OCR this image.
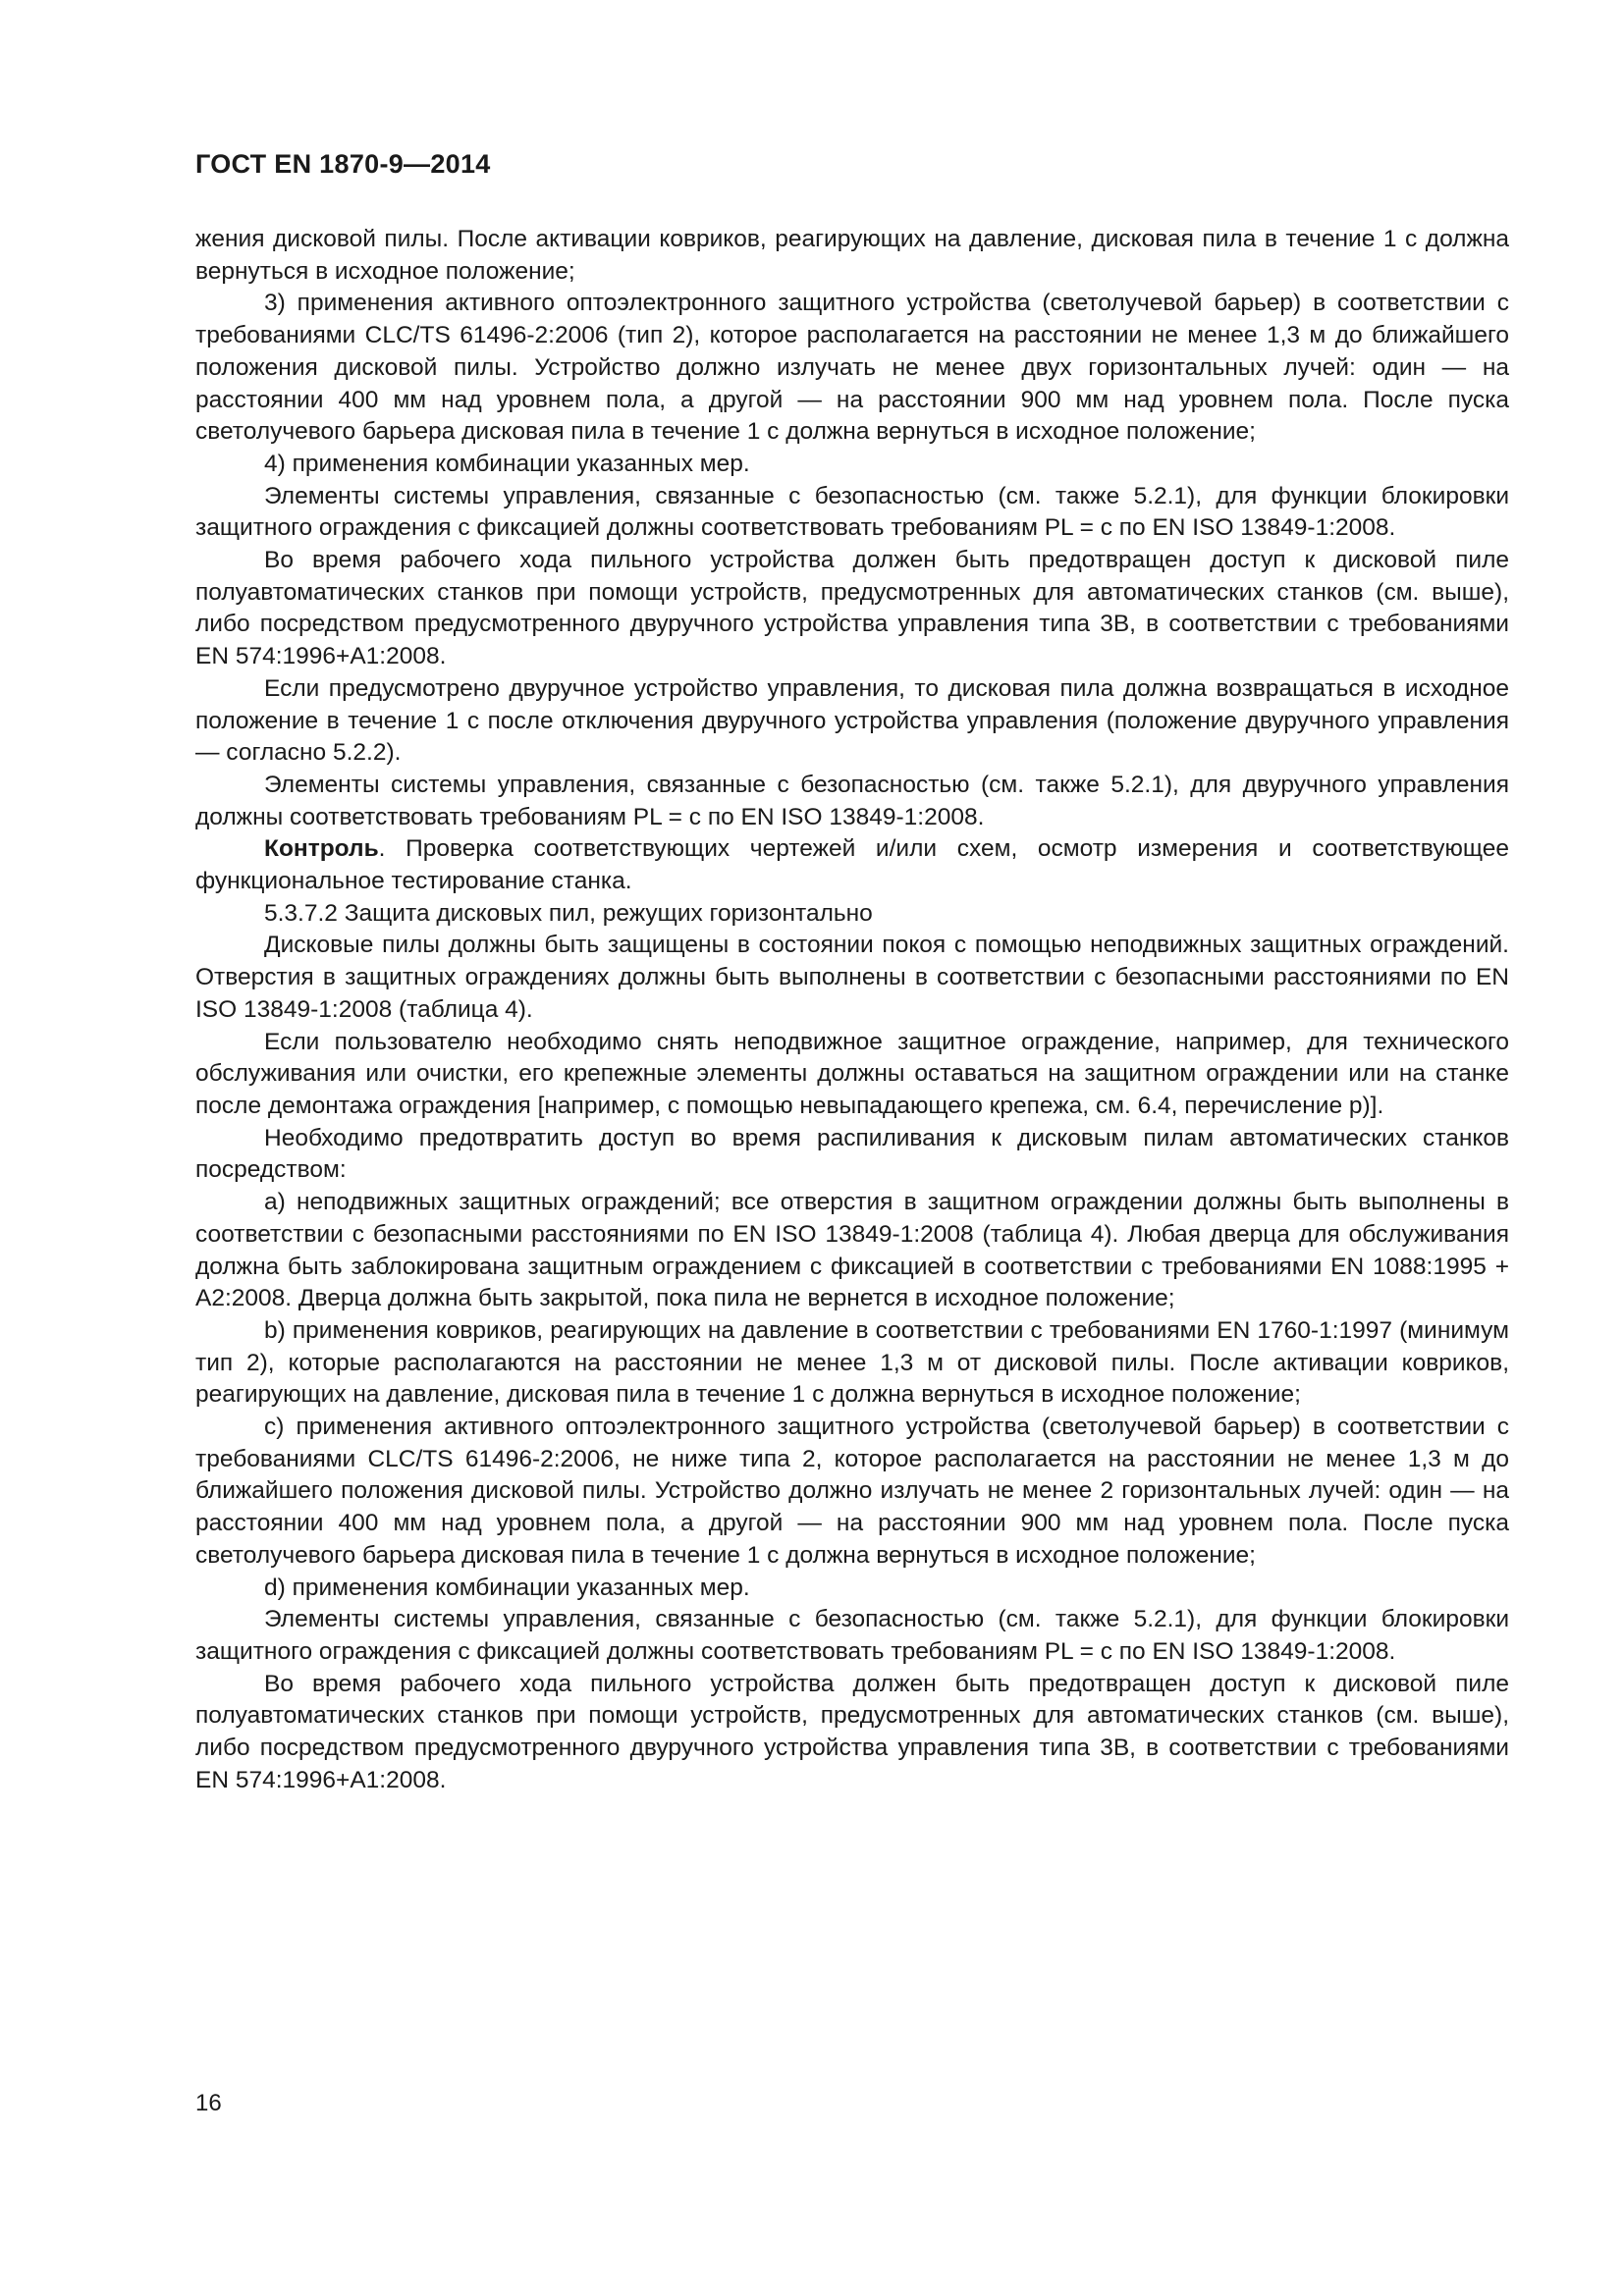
ГОСТ EN 1870-9—2014

жения дисковой пилы. После активации ковриков, реагирующих на давление, дисковая пила в течение 1 с должна вернуться в исходное положение;

3) применения активного оптоэлектронного защитного устройства (светолучевой барьер) в соответствии с требованиями CLC/TS 61496-2:2006 (тип 2), которое располагается на расстоянии не менее 1,3 м до ближайшего положения дисковой пилы. Устройство должно излучать не менее двух горизонтальных лучей: один — на расстоянии 400 мм над уровнем пола, а другой — на расстоянии 900 мм над уровнем пола. После пуска светолучевого барьера дисковая пила в течение 1 с должна вернуться в исходное положение;

4) применения комбинации указанных мер.

Элементы системы управления, связанные с безопасностью (см. также 5.2.1), для функции блокировки защитного ограждения с фиксацией должны соответствовать требованиям PL = с по EN ISO 13849-1:2008.

Во время рабочего хода пильного устройства должен быть предотвращен доступ к дисковой пиле полуавтоматических станков при помощи устройств, предусмотренных для автоматических станков (см. выше), либо посредством предусмотренного двуручного устройства управления типа 3В, в соответствии с требованиями EN 574:1996+A1:2008.

Если предусмотрено двуручное устройство управления, то дисковая пила должна возвращаться в исходное положение в течение 1 с после отключения двуручного устройства управления (положение двуручного управления — согласно 5.2.2).

Элементы системы управления, связанные с безопасностью (см. также 5.2.1), для двуручного управления должны соответствовать требованиям PL = с по EN ISO 13849-1:2008.

Контроль. Проверка соответствующих чертежей и/или схем, осмотр измерения и соответствующее функциональное тестирование станка.

5.3.7.2 Защита дисковых пил, режущих горизонтально

Дисковые пилы должны быть защищены в состоянии покоя с помощью неподвижных защитных ограждений. Отверстия в защитных ограждениях должны быть выполнены в соответствии с безопасными расстояниями по EN ISO 13849-1:2008 (таблица 4).

Если пользователю необходимо снять неподвижное защитное ограждение, например, для технического обслуживания или очистки, его крепежные элементы должны оставаться на защитном ограждении или на станке после демонтажа ограждения [например, с помощью невыпадающего крепежа, см. 6.4, перечисление р)].

Необходимо предотвратить доступ во время распиливания к дисковым пилам автоматических станков посредством:

a) неподвижных защитных ограждений; все отверстия в защитном ограждении должны быть выполнены в соответствии с безопасными расстояниями по EN ISO 13849-1:2008 (таблица 4). Любая дверца для обслуживания должна быть заблокирована защитным ограждением с фиксацией в соответствии с требованиями EN 1088:1995 + A2:2008. Дверца должна быть закрытой, пока пила не вернется в исходное положение;

b) применения ковриков, реагирующих на давление в соответствии с требованиями EN 1760-1:1997 (минимум тип 2), которые располагаются на расстоянии не менее 1,3 м от дисковой пилы. После активации ковриков, реагирующих на давление, дисковая пила в течение 1 с должна вернуться в исходное положение;

c) применения активного оптоэлектронного защитного устройства (светолучевой барьер) в соответствии с требованиями CLC/TS 61496-2:2006, не ниже типа 2, которое располагается на расстоянии не менее 1,3 м до ближайшего положения дисковой пилы. Устройство должно излучать не менее 2 горизонтальных лучей: один — на расстоянии 400 мм над уровнем пола, а другой — на расстоянии 900 мм над уровнем пола. После пуска светолучевого барьера дисковая пила в течение 1 с должна вернуться в исходное положение;

d) применения комбинации указанных мер.

Элементы системы управления, связанные с безопасностью (см. также 5.2.1), для функции блокировки защитного ограждения с фиксацией должны соответствовать требованиям PL = с по EN ISO 13849-1:2008.

Во время рабочего хода пильного устройства должен быть предотвращен доступ к дисковой пиле полуавтоматических станков при помощи устройств, предусмотренных для автоматических станков (см. выше), либо посредством предусмотренного двуручного устройства управления типа 3В, в соответствии с требованиями EN 574:1996+A1:2008.

16
